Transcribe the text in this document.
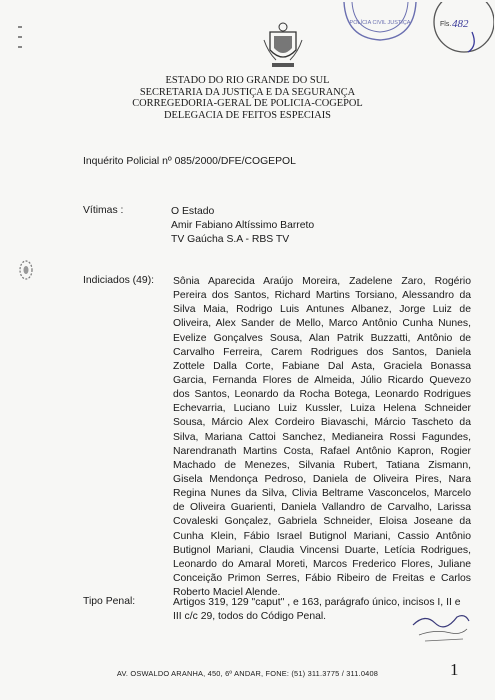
POLÍCIA CIVIL JUSTIÇA	Fls. 482
ESTADO DO RIO GRANDE DO SUL
SECRETARIA DA JUSTIÇA E DA SEGURANÇA
CORREGEDORIA-GERAL DE POLICIA-COGEPOL
DELEGACIA DE FEITOS ESPECIAIS
Inquérito Policial nº 085/2000/DFE/COGEPOL
Vítimas :	O Estado
Amir Fabiano Altíssimo Barreto
TV Gaúcha S.A - RBS TV
Indiciados (49): Sônia Aparecida Araújo Moreira, Zadelene Zaro, Rogério
Pereira dos Santos, Richard Martins Torsiano, Alessandro da
Silva Maia, Rodrigo Luis Antunes Albanez, Jorge Luiz de
Oliveira, Alex Sander de Mello, Marco Antônio Cunha Nunes,
Evelize Gonçalves Sousa, Alan Patrik Buzzatti, Antônio de
Carvalho Ferreira, Carem Rodrigues dos Santos, Daniela
Zottele Dalla Corte, Fabiane Dal Asta, Graciela Bonassa
Garcia, Fernanda Flores de Almeida, Júlio Ricardo Quevezo
dos Santos, Leonardo da Rocha Botega, Leonardo Rodrigues
Echevarria, Luciano Luiz Kussler, Luiza Helena Schneider
Sousa, Márcio Alex Cordeiro Biavaschi, Márcio Tascheto da
Silva, Mariana Cattoi Sanchez, Medianeira Rossi Fagundes,
Narendranath Martins Costa, Rafael Antônio Kapron, Rogier
Machado de Menezes, Silvania Rubert, Tatiana Zismann,
Gisela Mendonça Pedroso, Daniela de Oliveira Pires, Nara
Regina Nunes da Silva, Clivia Beltrame Vasconcelos, Marcelo
de Oliveira Guarienti, Daniela Vallandro de Carvalho, Larissa
Covaleski Gonçalez, Gabriela Schneider, Eloisa Joseane da
Cunha Klein, Fábio Israel Butignol Mariani, Cassio Antônio
Butignol Mariani, Claudia Vincensi Duarte, Letícia Rodrigues,
Leonardo do Amaral Moreti, Marcos Frederico Flores, Juliane
Conceição Primon Serres, Fábio Ribeiro de Freitas e Carlos
Roberto Maciel Alende.
Tipo Penal:	Artigos 319, 129 "caput" , e 163, parágrafo único, incisos I, II e
III c/c 29, todos do Código Penal.
AV. OSWALDO ARANHA, 450, 6º ANDAR, FONE: (51) 311.3775 / 311.0408	1
